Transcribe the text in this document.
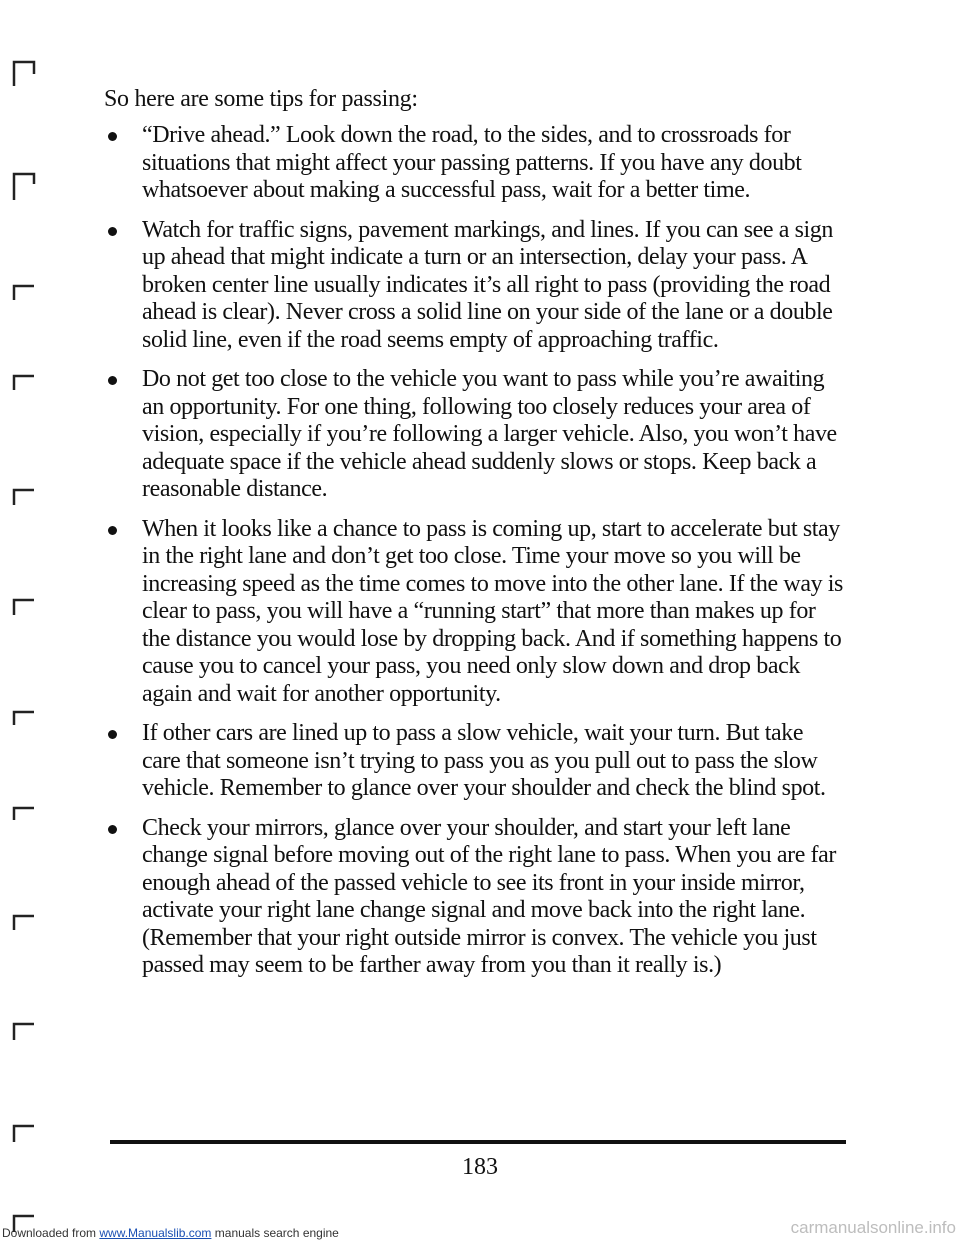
So here are some tips for passing:

“Drive ahead.” Look down the road, to the sides, and to crossroads for situations that might affect your passing patterns. If you have any doubt whatsoever about making a successful pass, wait for a better time.
Watch for traffic signs, pavement markings, and lines. If you can see a sign up ahead that might indicate a turn or an intersection, delay your pass. A broken center line usually indicates it’s all right to pass (providing the road ahead is clear). Never cross a solid line on your side of the lane or a double solid line, even if the road seems empty of approaching traffic.
Do not get too close to the vehicle you want to pass while you’re awaiting an opportunity. For one thing, following too closely reduces your area of vision, especially if you’re following a larger vehicle. Also, you won’t have adequate space if the vehicle ahead suddenly slows or stops. Keep back a reasonable distance.
When it looks like a chance to pass is coming up, start to accelerate but stay in the right lane and don’t get too close. Time your move so you will be increasing speed as the time comes to move into the other lane. If the way is clear to pass, you will have a “running start” that more than makes up for the distance you would lose by dropping back. And if something happens to cause you to cancel your pass, you need only slow down and drop back again and wait for another opportunity.
If other cars are lined up to pass a slow vehicle, wait your turn. But take care that someone isn’t trying to pass you as you pull out to pass the slow vehicle. Remember to glance over your shoulder and check the blind spot.
Check your mirrors, glance over your shoulder, and start your left lane change signal before moving out of the right lane to pass. When you are far enough ahead of the passed vehicle to see its front in your inside mirror, activate your right lane change signal and move back into the right lane. (Remember that your right outside mirror is convex. The vehicle you just passed may seem to be farther away from you than it really is.)
183
Downloaded from www.Manualslib.com manuals search engine	carmanualsonline.info
